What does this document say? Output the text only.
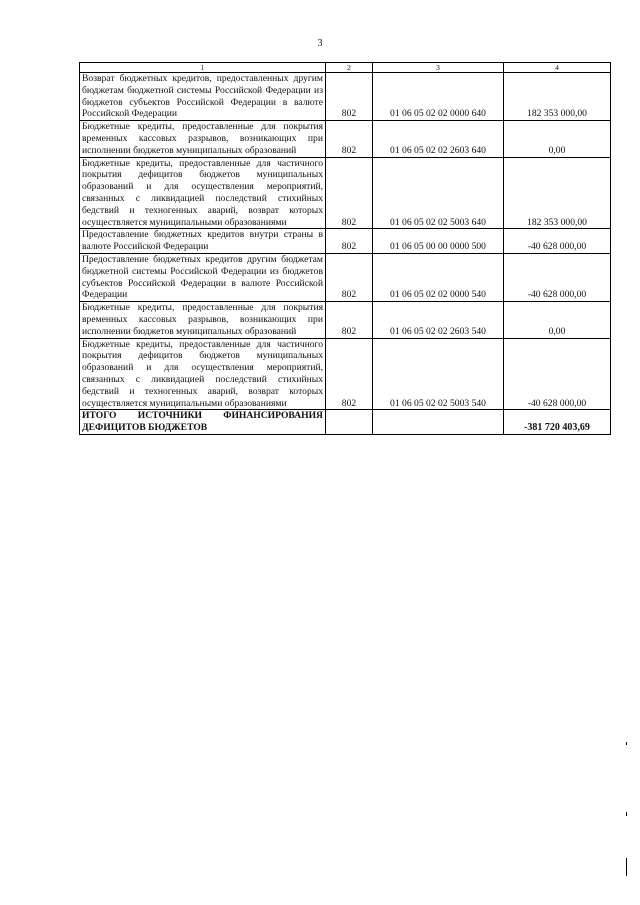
3
1	2	3	4
Возврат бюджетных кредитов, предоставленных другим бюджетам бюджетной системы Российской Федерации из бюджетов субъектов Российской Федерации в валюте Российской Федерации	802	01 06 05 02 02 0000 640	182 353 000,00
Бюджетные кредиты, предоставленные для покрытия временных кассовых разрывов, возникающих при исполнении бюджетов муниципальных образований	802	01 06 05 02 02 2603 640	0,00
Бюджетные кредиты, предоставленные для частичного покрытия дефицитов бюджетов муниципальных образований и для осуществления мероприятий, связанных с ликвидацией последствий стихийных бедствий и техногенных аварий, возврат которых осуществляется муниципальными образованиями	802	01 06 05 02 02 5003 640	182 353 000,00
Предоставление бюджетных кредитов внутри страны в валюте Российской Федерации	802	01 06 05 00 00 0000 500	-40 628 000,00
Предоставление бюджетных кредитов другим бюджетам бюджетной системы Российской Федерации из бюджетов субъектов Российской Федерации в валюте Российской Федерации	802	01 06 05 02 02 0000 540	-40 628 000,00
Бюджетные кредиты, предоставленные для покрытия временных кассовых разрывов, возникающих при исполнении бюджетов муниципальных образований	802	01 06 05 02 02 2603 540	0,00
Бюджетные кредиты, предоставленные для частичного покрытия дефицитов бюджетов муниципальных образований и для осуществления мероприятий, связанных с ликвидацией последствий стихийных бедствий и техногенных аварий, возврат которых осуществляется муниципальными образованиями	802	01 06 05 02 02 5003 540	-40 628 000,00
ИТОГО ИСТОЧНИКИ ФИНАНСИРОВАНИЯ ДЕФИЦИТОВ БЮДЖЕТОВ			-381 720 403,69
